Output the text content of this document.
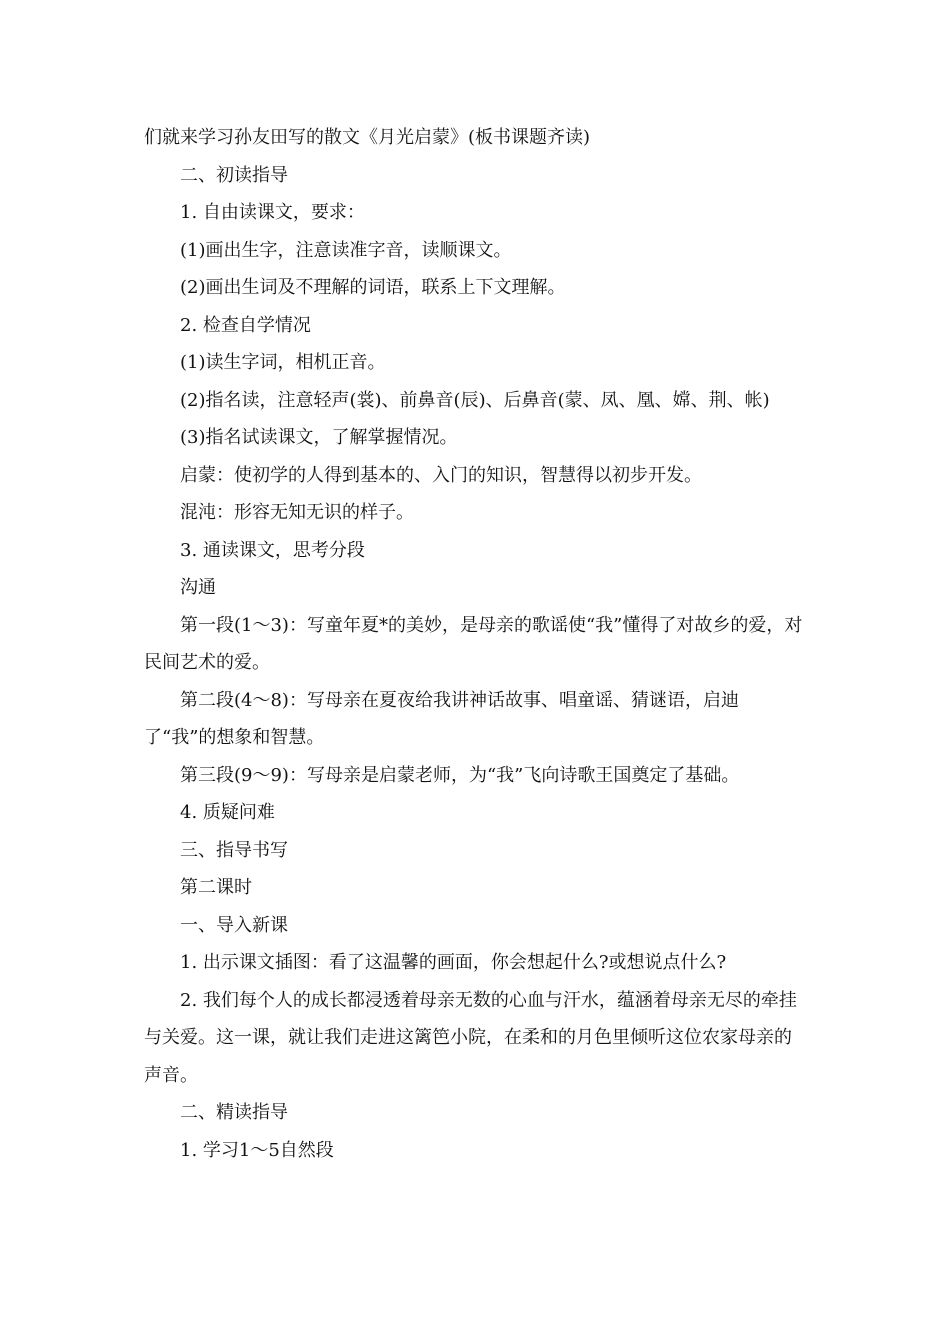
们就来学习孙友田写的散文《月光启蒙》(板书课题齐读)

二、初读指导

1. 自由读课文，要求：

(1)画出生字，注意读准字音，读顺课文。

(2)画出生词及不理解的词语，联系上下文理解。

2. 检查自学情况

(1)读生字词，相机正音。

(2)指名读，注意轻声(裳)、前鼻音(辰)、后鼻音(蒙、凤、凰、嫦、荆、帐)

(3)指名试读课文，了解掌握情况。

启蒙：使初学的人得到基本的、入门的知识，智慧得以初步开发。

混沌：形容无知无识的样子。

3. 通读课文，思考分段

沟通

第一段(1～3)：写童年夏*的美妙，是母亲的歌谣使“我”懂得了对故乡的爱，对民间艺术的爱。

第二段(4～8)：写母亲在夏夜给我讲神话故事、唱童谣、猜谜语，启迪了“我”的想象和智慧。

第三段(9～9)：写母亲是启蒙老师，为“我”飞向诗歌王国奠定了基础。

4. 质疑问难

三、指导书写

第二课时

一、导入新课

1. 出示课文插图：看了这温馨的画面，你会想起什么?或想说点什么?

2. 我们每个人的成长都浸透着母亲无数的心血与汗水，蕴涵着母亲无尽的牵挂与关爱。这一课，就让我们走进这篱笆小院，在柔和的月色里倾听这位农家母亲的声音。

二、精读指导

1. 学习1～5自然段
